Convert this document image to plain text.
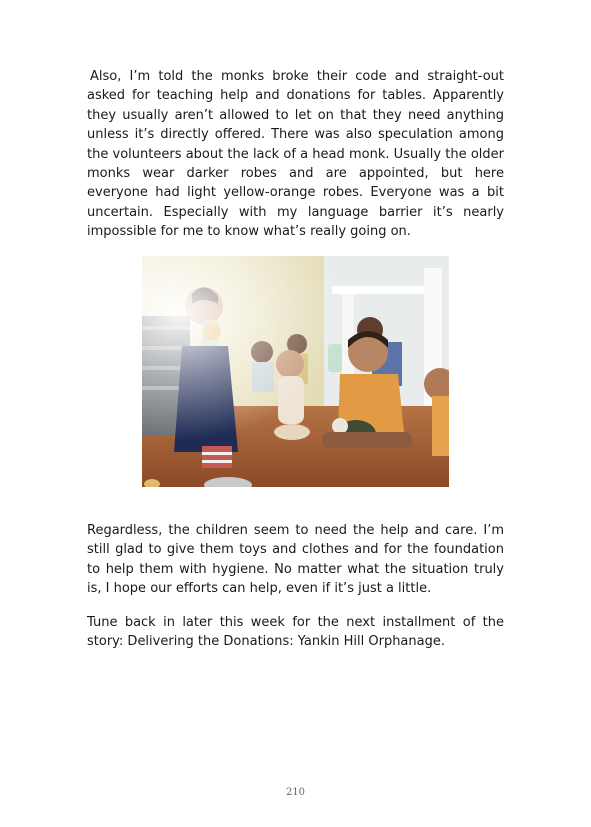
Also, I’m told the monks broke their code and straight-out asked for teaching help and donations for tables. Apparently they usually aren’t allowed to let on that they need anything unless it’s directly offered. There was also speculation among the volunteers about the lack of a head monk. Usually the older monks wear darker robes and are appointed, but here everyone had light yellow-orange robes. Everyone was a bit uncertain. Especially with my language barrier it’s nearly impossible for me to know what’s really going on.

Regardless, the children seem to need the help and care. I’m still glad to give them toys and clothes and for the foundation to help them with hygiene. No matter what the situation truly is, I hope our efforts can help, even if it’s just a little.

Tune back in later this week for the next installment of the story: Delivering the Donations: Yankin Hill Orphanage.

210
